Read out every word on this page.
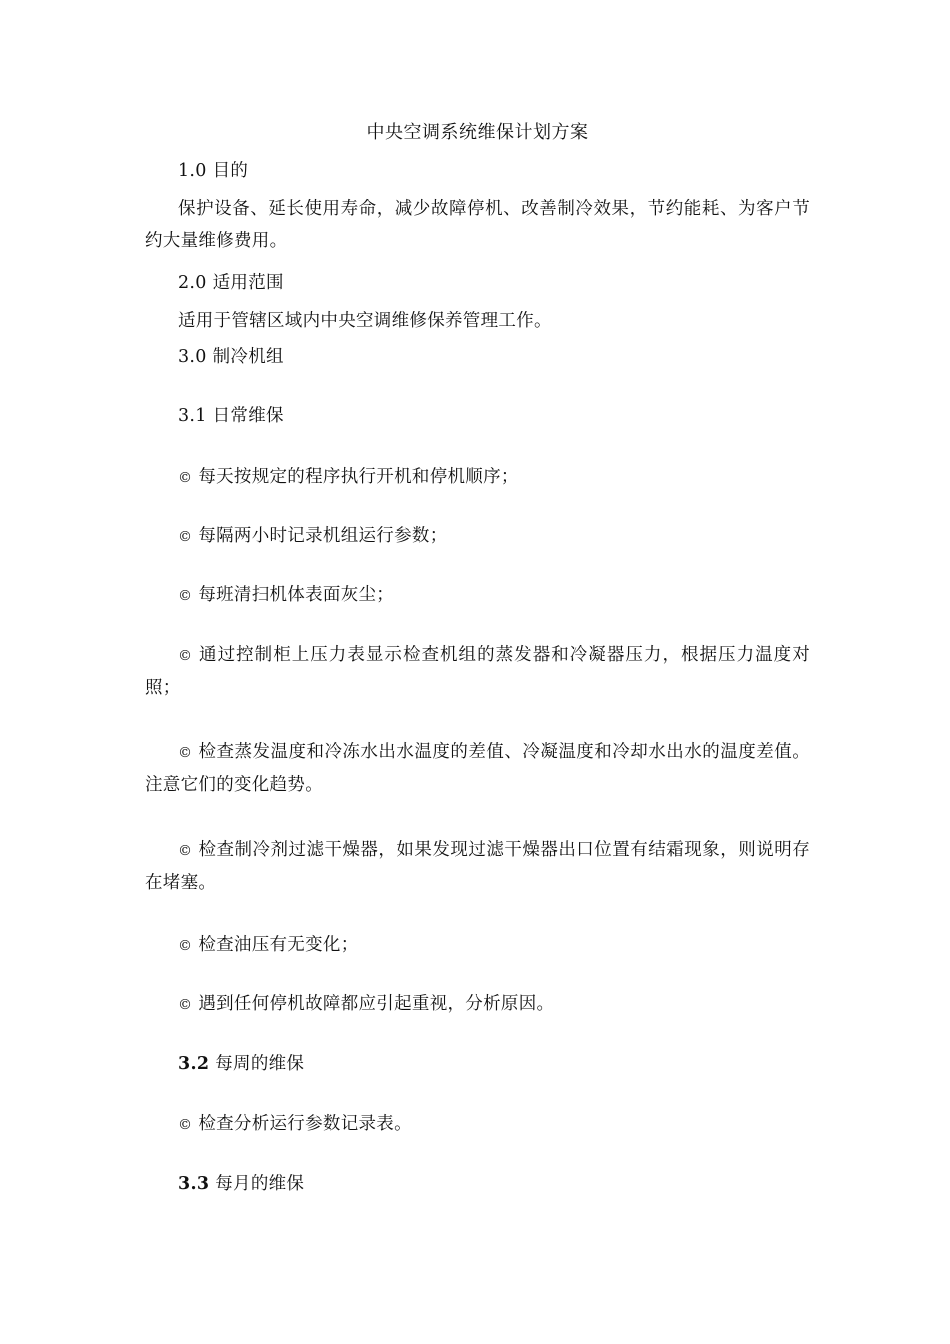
中央空调系统维保计划方案

1.0 目的

保护设备、延长使用寿命，减少故障停机、改善制冷效果，节约能耗、为客户节约大量维修费用。

2.0 适用范围

适用于管辖区域内中央空调维修保养管理工作。

3.0 制冷机组

3.1 日常维保

© 每天按规定的程序执行开机和停机顺序；

© 每隔两小时记录机组运行参数；

© 每班清扫机体表面灰尘；

© 通过控制柜上压力表显示检查机组的蒸发器和冷凝器压力，根据压力温度对照；

© 检查蒸发温度和冷冻水出水温度的差值、冷凝温度和冷却水出水的温度差值。注意它们的变化趋势。

© 检查制冷剂过滤干燥器，如果发现过滤干燥器出口位置有结霜现象，则说明存在堵塞。

© 检查油压有无变化；

© 遇到任何停机故障都应引起重视，分析原因。

3.2 每周的维保

© 检查分析运行参数记录表。

3.3 每月的维保
